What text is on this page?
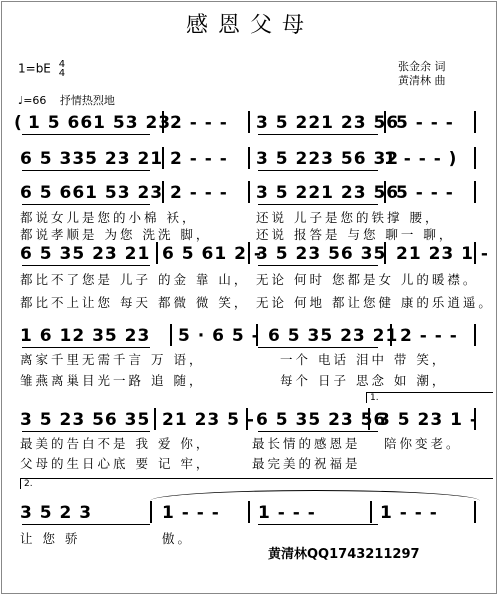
感恩父母
1=bE 4
4
张金余 词
黄清林 曲
♩=66 抒情热烈地
( 1 5 661 53 23
2 - - - 3 5 221 23 56
5 - - -
6 5 335 23 21 2 - - - 3 5 223 56 32
1 - - - )
6 5 661 53 23 2 - - - 3 5 221 23 56
5 - - -
6 5 35 23 21 6 5 61 2 -
3 5 23 56 35 21 23 1 -
1 6 12 35 23 5 · 6 5 - 6 5 35 23 21 2 - - -
3 5 23 56 35 21 23 5 - 6 5 35 23 56
3 5 23 1 -
3 5 2 3	1 - - - 1 - - -	1 - - -
都说女儿是您的小棉 袄，	还说 儿子是您的铁撑 腰，
都说孝顺是 为您 洗洗 脚，	还说 报答是 与您 聊一 聊，
都比不了您是 儿子 的金 靠 山， 无论 何时 您都是女 儿的暖襟。
都比不上让您 每天 都微 微 笑， 无论 何地 都让您健 康的乐逍遥。
离家千里无需千言 万 语，	一个 电话 泪中 带 笑，
雏燕离巢目光一路 追 随，	每个 日子 思念 如 潮，
最美的告白不是 我 爱 你，	最长情的感恩是 陪你变老。
父母的生日心底 要 记 牢，	最完美的祝福是
让 您 骄	傲。
1.
2.
黄清林QQ1743211297
